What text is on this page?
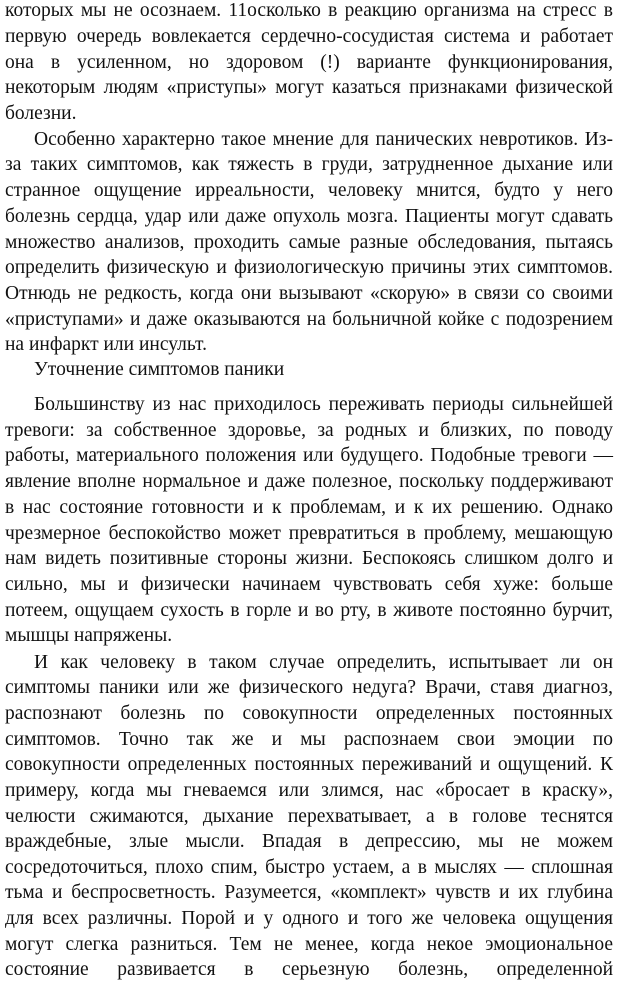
которых мы не осознаем. 11осколько в реакцию организма на стресс в
первую очередь вовлекается сердечно-сосудистая система и работает
она в усиленном, но здоровом (!) варианте функционирования,
некоторым людям «приступы» могут казаться признаками физической
болезни.
Особенно характерно такое мнение для панических невротиков. Из-
за таких симптомов, как тяжесть в груди, затрудненное дыхание или
странное ощущение ирреальности, человеку мнится, будто у него
болезнь сердца, удар или даже опухоль мозга. Пациенты могут сдавать
множество анализов, проходить самые разные обследования, пытаясь
определить физическую и физиологическую причины этих симптомов.
Отнюдь не редкость, когда они вызывают «скорую» в связи со своими
«приступами» и даже оказываются на больничной койке с подозрением
на инфаркт или инсульт.
Уточнение симптомов паники
Большинству из нас приходилось переживать периоды сильнейшей
тревоги: за собственное здоровье, за родных и близких, по поводу
работы, материального положения или будущего. Подобные тревоги —
явление вполне нормальное и даже полезное, поскольку поддерживают
в нас состояние готовности и к проблемам, и к их решению. Однако
чрезмерное беспокойство может превратиться в проблему, мешающую
нам видеть позитивные стороны жизни. Беспокоясь слишком долго и
сильно, мы и физически начинаем чувствовать себя хуже: больше
потеем, ощущаем сухость в горле и во рту, в животе постоянно бурчит,
мышцы напряжены.
И как человеку в таком случае определить, испытывает ли он
симптомы паники или же физического недуга? Врачи, ставя диагноз,
распознают болезнь по совокупности определенных постоянных
симптомов. Точно так же и мы распознаем свои эмоции по
совокупности определенных постоянных переживаний и ощущений. К
примеру, когда мы гневаемся или злимся, нас «бросает в краску»,
челюсти сжимаются, дыхание перехватывает, а в голове теснятся
враждебные, злые мысли. Впадая в депрессию, мы не можем
сосредоточиться, плохо спим, быстро устаем, а в мыслях — сплошная
тьма и беспросветность. Разумеется, «комплект» чувств и их глубина
для всех различны. Порой и у одного и того же человека ощущения
могут слегка разниться. Тем не менее, когда некое эмоциональное
состояние развивается в серьезную болезнь, определенной
